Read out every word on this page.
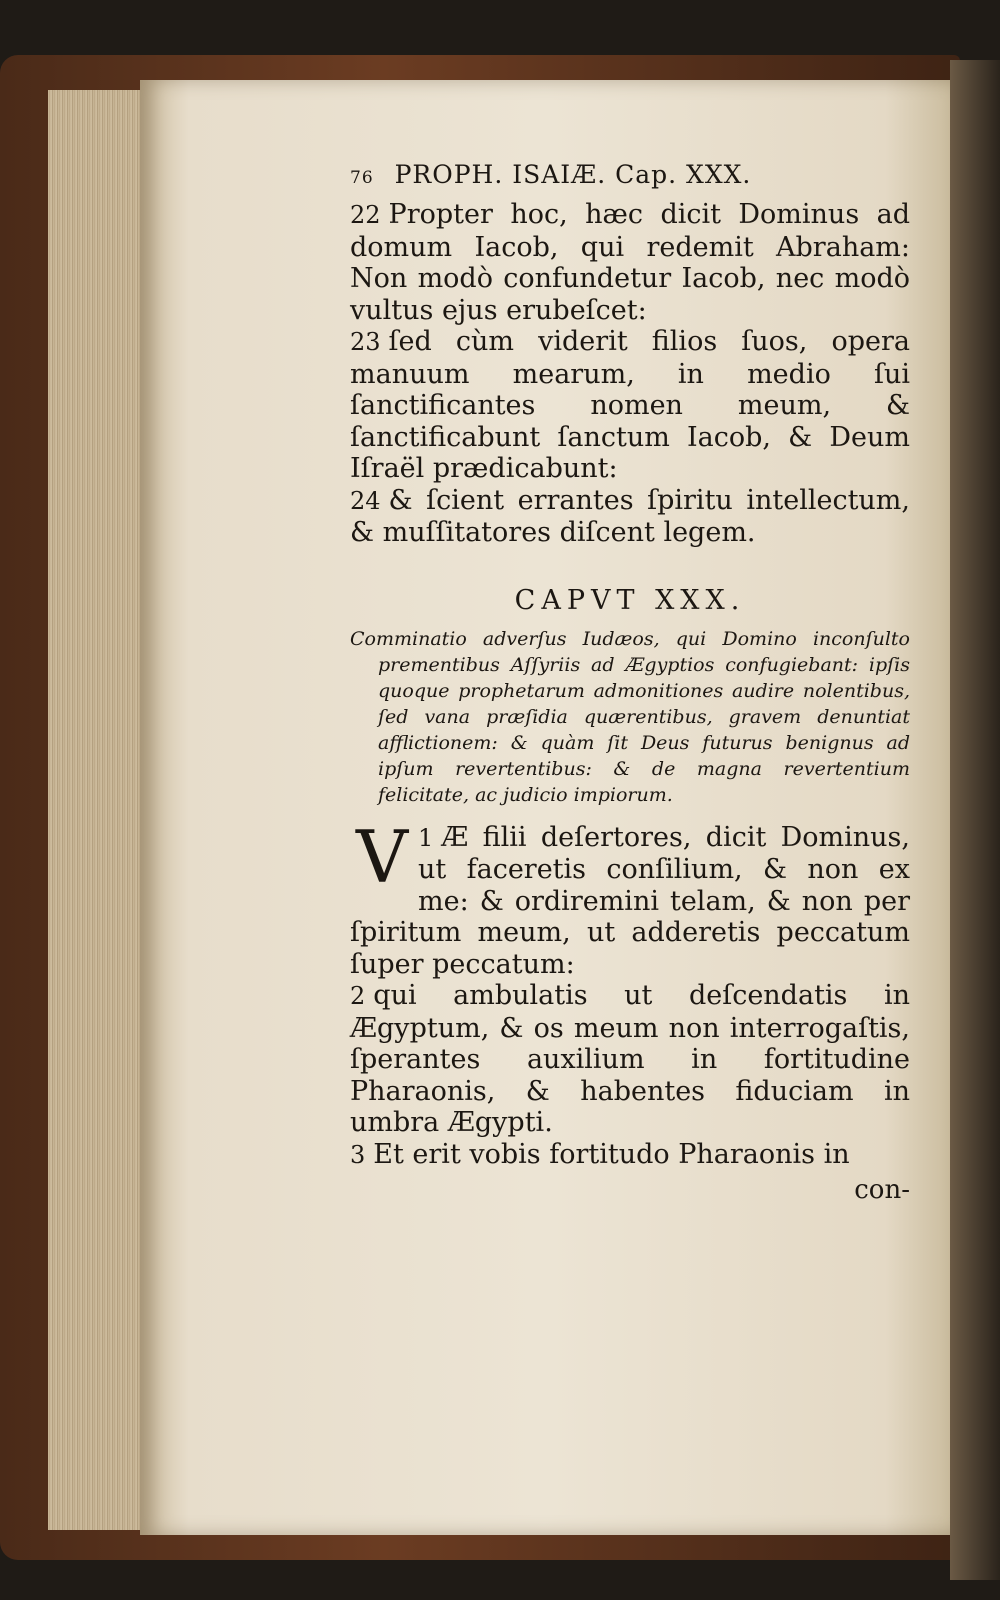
76 PROPH. ISAIÆ. Cap. XXX.

22 Propter hoc, hæc dicit Dominus ad domum Iacob, qui redemit Abraham: Non modò confundetur Iacob, nec modò vultus ejus erubeſcet:

23 ſed cùm viderit filios ſuos, opera manuum mearum, in medio ſui ſanctificantes nomen meum, & ſanctificabunt ſanctum Iacob, & Deum Iſraël prædicabunt:

24 & ſcient errantes ſpiritu intellectum, & muſſitatores diſcent legem.

CAPVT XXX.

Comminatio adverſus Iudæos, qui Domino inconſulto prementibus Aſſyriis ad Ægyptios confugiebant: ipſis quoque prophetarum admonitiones audire nolentibus, ſed vana præſidia quærentibus, gravem denuntiat afflictionem: & quàm ſit Deus futurus benignus ad ipſum revertentibus: & de magna revertentium felicitate, ac judicio impiorum.

1
V Æ filii deſertores, dicit Dominus, ut faceretis conſilium, & non ex me: & ordiremini telam, & non per ſpiritum meum, ut adderetis peccatum ſuper peccatum:

2 qui ambulatis ut deſcendatis in Ægyptum, & os meum non interrogaſtis, ſperantes auxilium in fortitudine Pharaonis, & habentes fiduciam in umbra Ægypti.

3 Et erit vobis fortitudo Pharaonis in

con-
